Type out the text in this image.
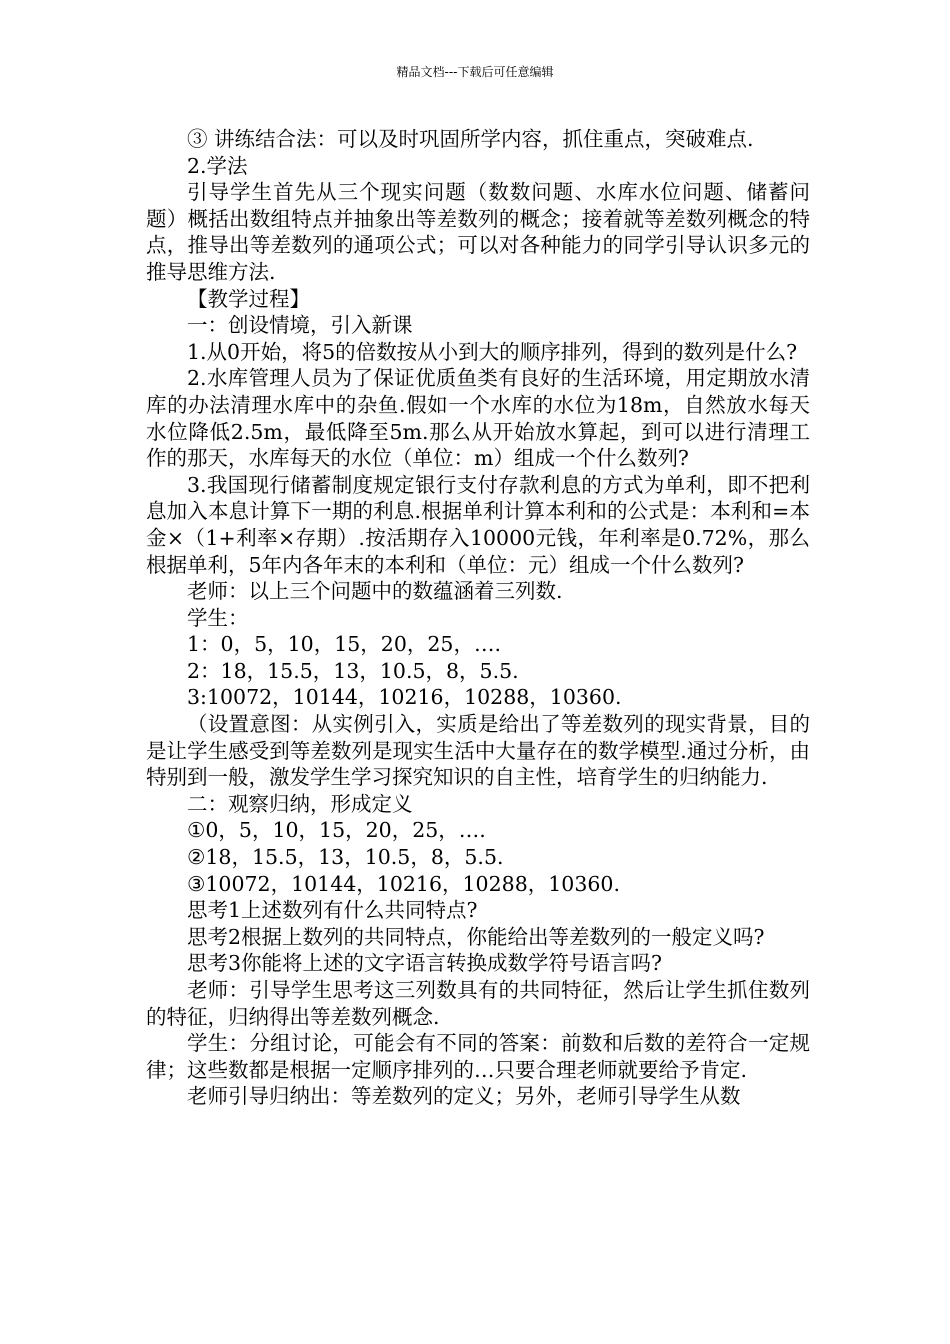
精品文档---下载后可任意编辑

③ 讲练结合法：可以及时巩固所学内容，抓住重点，突破难点.

2.学法

引导学生首先从三个现实问题（数数问题、水库水位问题、储蓄问题）概括出数组特点并抽象出等差数列的概念；接着就等差数列概念的特点，推导出等差数列的通项公式；可以对各种能力的同学引导认识多元的推导思维方法.

【教学过程】

一：创设情境，引入新课

1.从0开始，将5的倍数按从小到大的顺序排列，得到的数列是什么?

2.水库管理人员为了保证优质鱼类有良好的生活环境，用定期放水清库的办法清理水库中的杂鱼.假如一个水库的水位为18m，自然放水每天水位降低2.5m，最低降至5m.那么从开始放水算起，到可以进行清理工作的那天，水库每天的水位（单位：m）组成一个什么数列?

3.我国现行储蓄制度规定银行支付存款利息的方式为单利，即不把利息加入本息计算下一期的利息.根据单利计算本利和的公式是：本利和=本金×（1+利率×存期）.按活期存入10000元钱，年利率是0.72%，那么根据单利，5年内各年末的本利和（单位：元）组成一个什么数列?

老师：以上三个问题中的数蕴涵着三列数.

学生：

1：0，5，10，15，20，25，….

2：18，15.5，13，10.5，8，5.5.

3:10072，10144，10216，10288，10360.

（设置意图：从实例引入，实质是给出了等差数列的现实背景，目的是让学生感受到等差数列是现实生活中大量存在的数学模型.通过分析，由特别到一般，激发学生学习探究知识的自主性，培育学生的归纳能力.

二：观察归纳，形成定义

①0，5，10，15，20，25，….

②18，15.5，13，10.5，8，5.5.

③10072，10144，10216，10288，10360.

思考1上述数列有什么共同特点?

思考2根据上数列的共同特点，你能给出等差数列的一般定义吗?

思考3你能将上述的文字语言转换成数学符号语言吗?

老师：引导学生思考这三列数具有的共同特征，然后让学生抓住数列的特征，归纳得出等差数列概念.

学生：分组讨论，可能会有不同的答案：前数和后数的差符合一定规律；这些数都是根据一定顺序排列的…只要合理老师就要给予肯定.

老师引导归纳出：等差数列的定义；另外，老师引导学生从数
